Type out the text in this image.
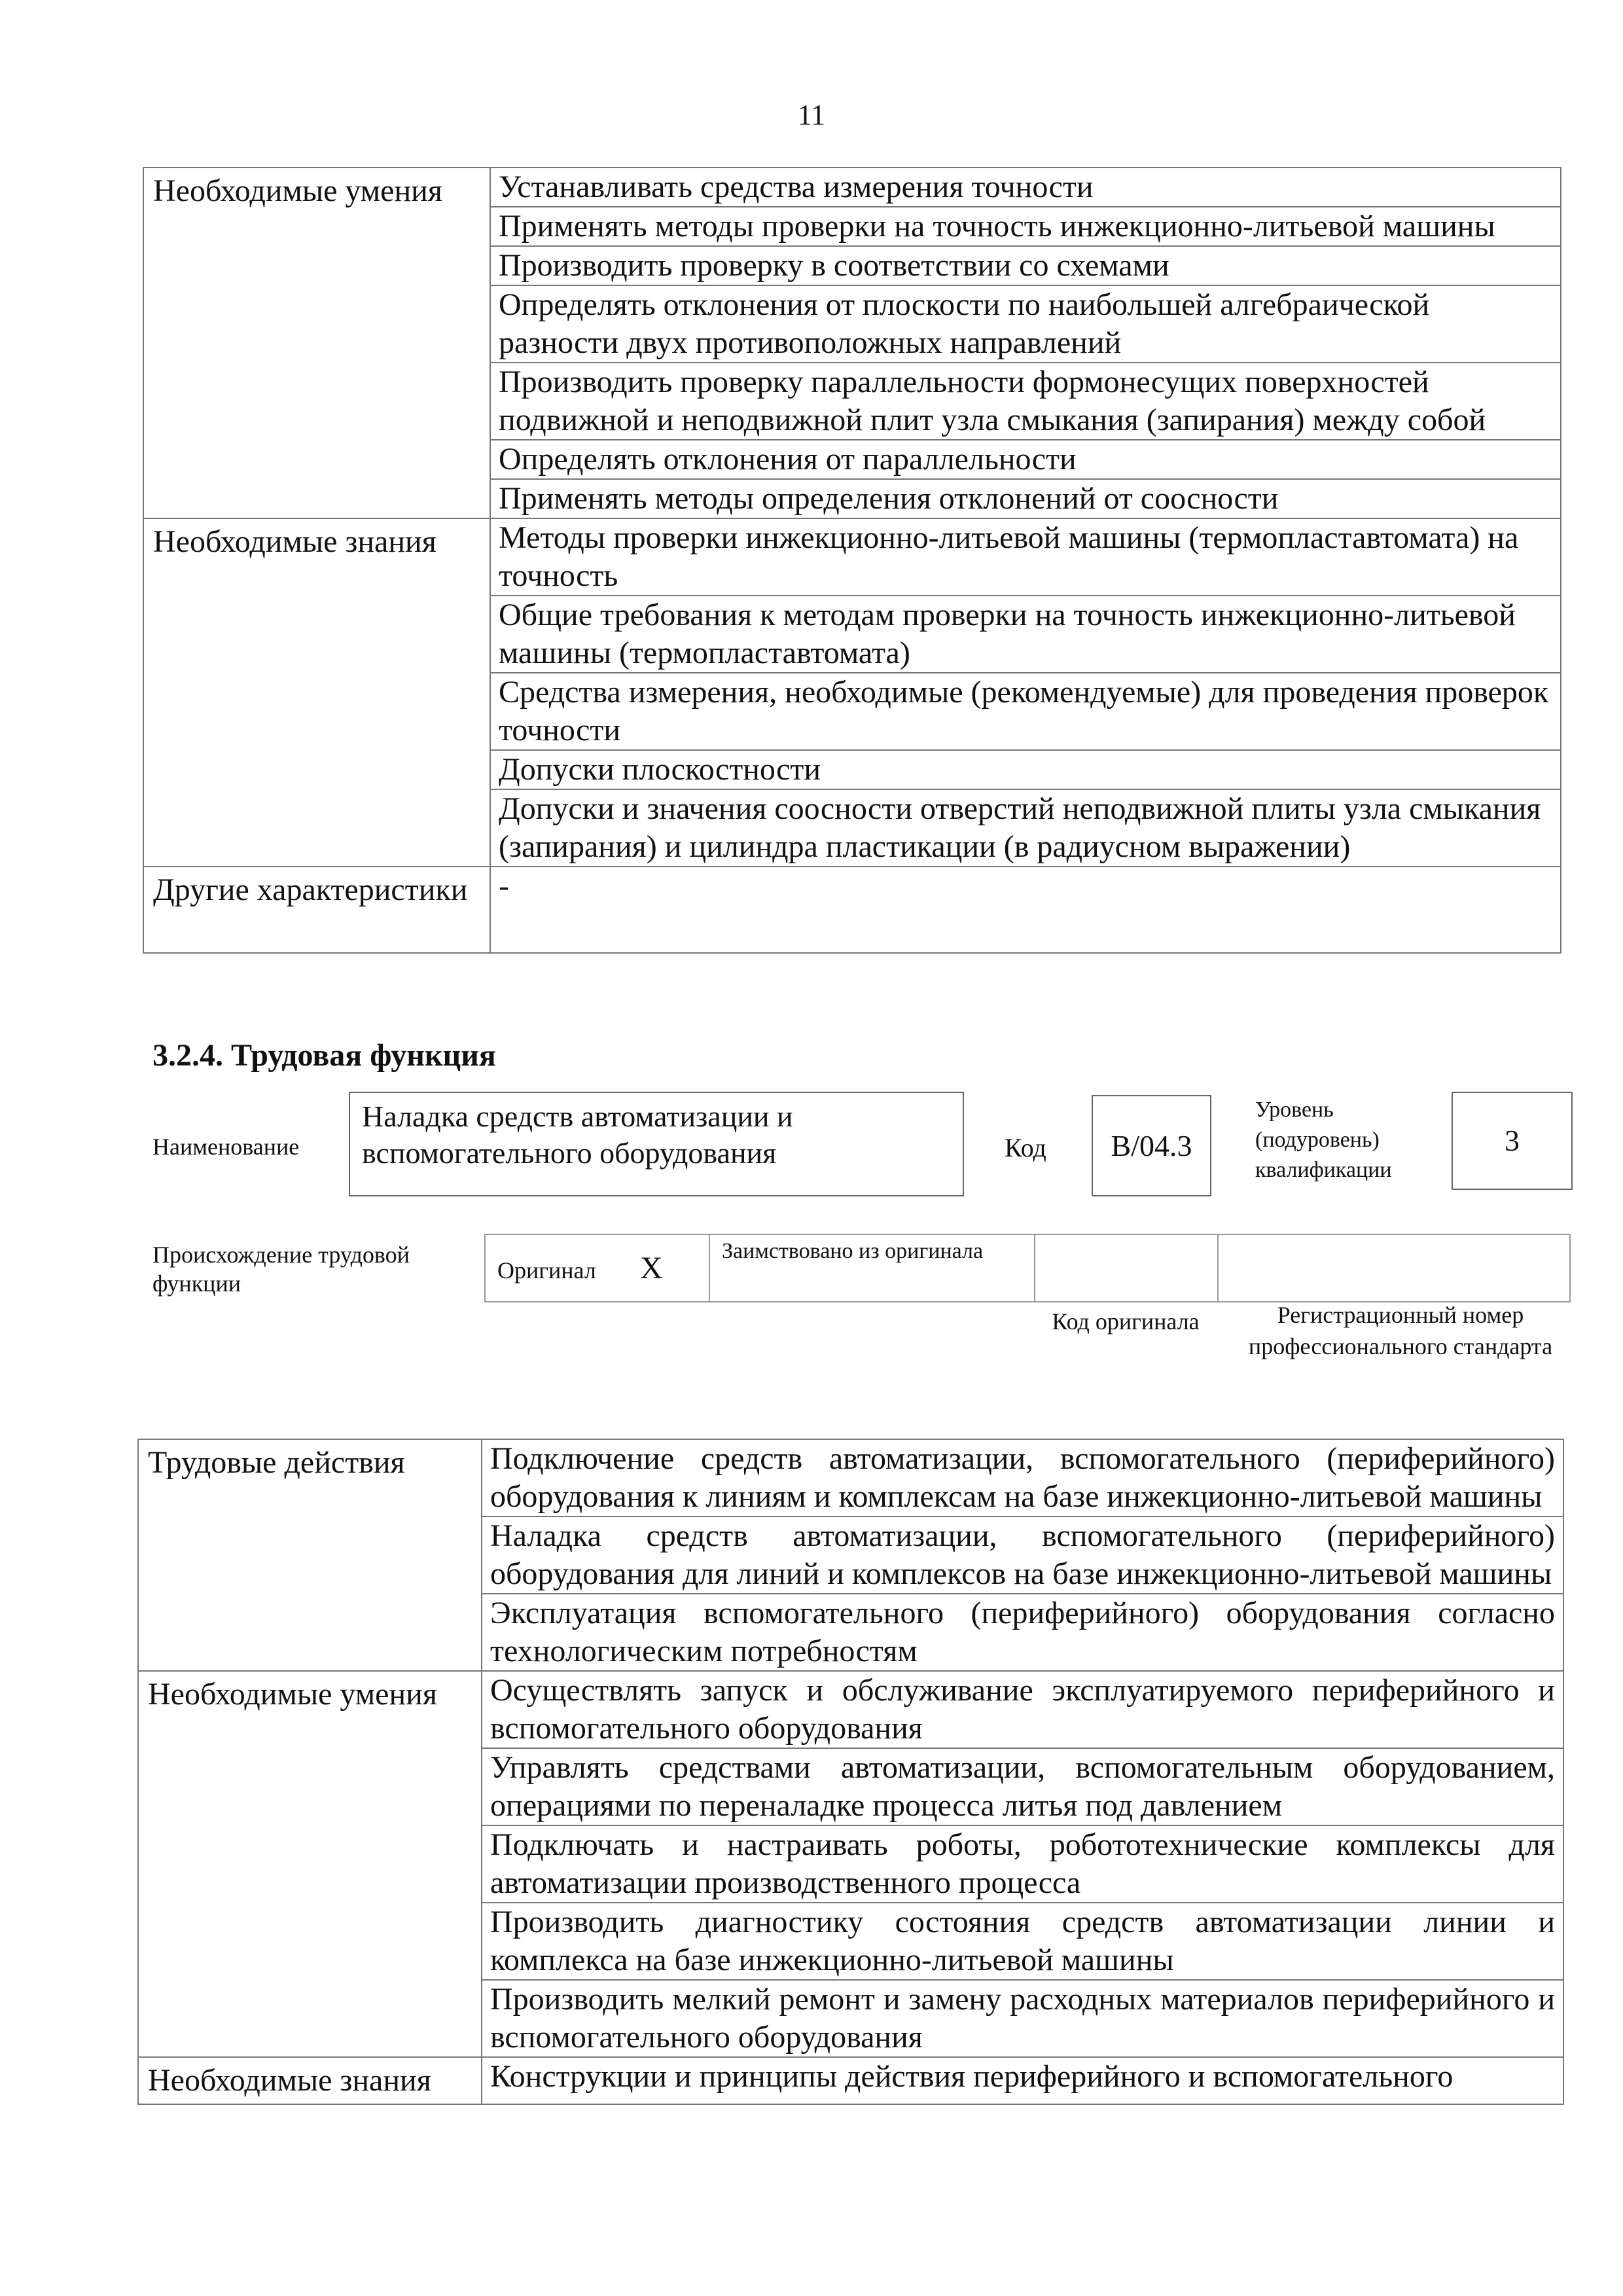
11
Необходимые умения	Устанавливать средства измерения точности
	Применять методы проверки на точность инжекционно-литьевой машины
	Производить проверку в соответствии со схемами
	Определять отклонения от плоскости по наибольшей алгебраической разности двух противоположных направлений
	Производить проверку параллельности формонесущих поверхностей подвижной и неподвижной плит узла смыкания (запирания) между собой
	Определять отклонения от параллельности
	Применять методы определения отклонений от соосности
Необходимые знания	Методы проверки инжекционно-литьевой машины (термопластавтомата) на точность
	Общие требования к методам проверки на точность инжекционно-литьевой машины (термопластавтомата)
	Средства измерения, необходимые (рекомендуемые) для проведения проверок точности
	Допуски плоскостности
	Допуски и значения соосности отверстий неподвижной плиты узла смыкания (запирания) и цилиндра пластикации (в радиусном выражении)
Другие характеристики	-
3.2.4. Трудовая функция
Наименование
Наладка средств автоматизации и вспомогательного оборудования	Код	В/04.3
Уровень (подуровень) квалификации
3
Происхождение трудовой функции	Оригинал X	Заимствовано из оригинала
Код оригинала	Регистрационный номер профессионального стандарта
Трудовые действия	Подключение средств автоматизации, вспомогательного (периферийного) оборудования к линиям и комплексам на базе инжекционно-литьевой машины
	Наладка средств автоматизации, вспомогательного (периферийного) оборудования для линий и комплексов на базе инжекционно-литьевой машины
	Эксплуатация вспомогательного (периферийного) оборудования согласно технологическим потребностям
Необходимые умения	Осуществлять запуск и обслуживание эксплуатируемого периферийного и вспомогательного оборудования
	Управлять средствами автоматизации, вспомогательным оборудованием, операциями по переналадке процесса литья под давлением
	Подключать и настраивать роботы, робототехнические комплексы для автоматизации производственного процесса
	Производить диагностику состояния средств автоматизации линии и комплекса на базе инжекционно-литьевой машины
	Производить мелкий ремонт и замену расходных материалов периферийного и вспомогательного оборудования
Необходимые знания	Конструкции и принципы действия периферийного и вспомогательного
